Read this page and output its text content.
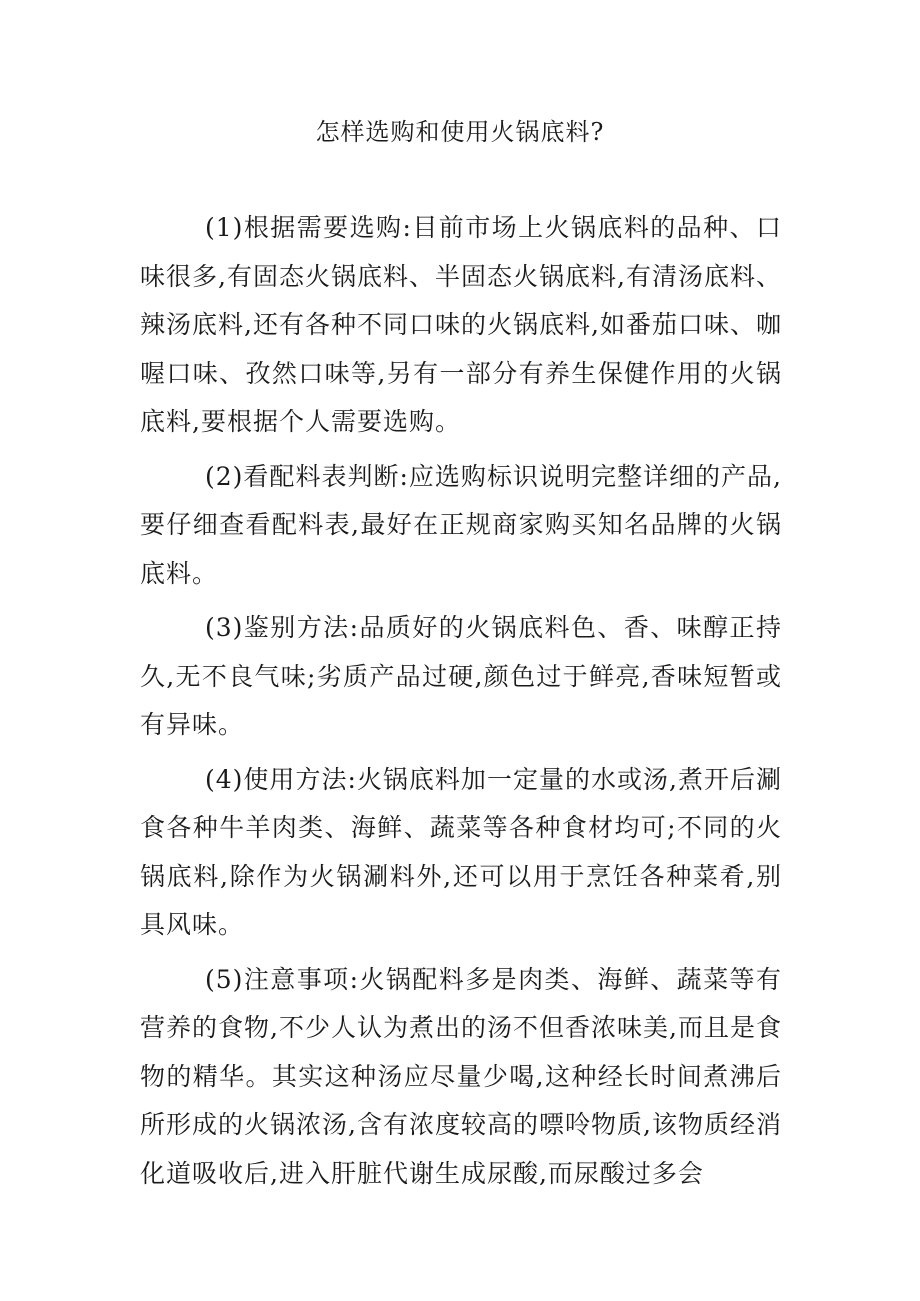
怎样选购和使用火锅底料?

(1)根据需要选购:目前市场上火锅底料的品种、口味很多,有固态火锅底料、半固态火锅底料,有清汤底料、辣汤底料,还有各种不同口味的火锅底料,如番茄口味、咖喔口味、孜然口味等,另有一部分有养生保健作用的火锅底料,要根据个人需要选购。

(2)看配料表判断:应选购标识说明完整详细的产品,要仔细查看配料表,最好在正规商家购买知名品牌的火锅底料。

(3)鉴别方法:品质好的火锅底料色、香、味醇正持久,无不良气味;劣质产品过硬,颜色过于鲜亮,香味短暂或有异味。

(4)使用方法:火锅底料加一定量的水或汤,煮开后涮食各种牛羊肉类、海鲜、蔬菜等各种食材均可;不同的火锅底料,除作为火锅涮料外,还可以用于烹饪各种菜肴,别具风味。

(5)注意事项:火锅配料多是肉类、海鲜、蔬菜等有营养的食物,不少人认为煮出的汤不但香浓味美,而且是食物的精华。其实这种汤应尽量少喝,这种经长时间煮沸后所形成的火锅浓汤,含有浓度较高的嘌呤物质,该物质经消化道吸收后,进入肝脏代谢生成尿酸,而尿酸过多会
